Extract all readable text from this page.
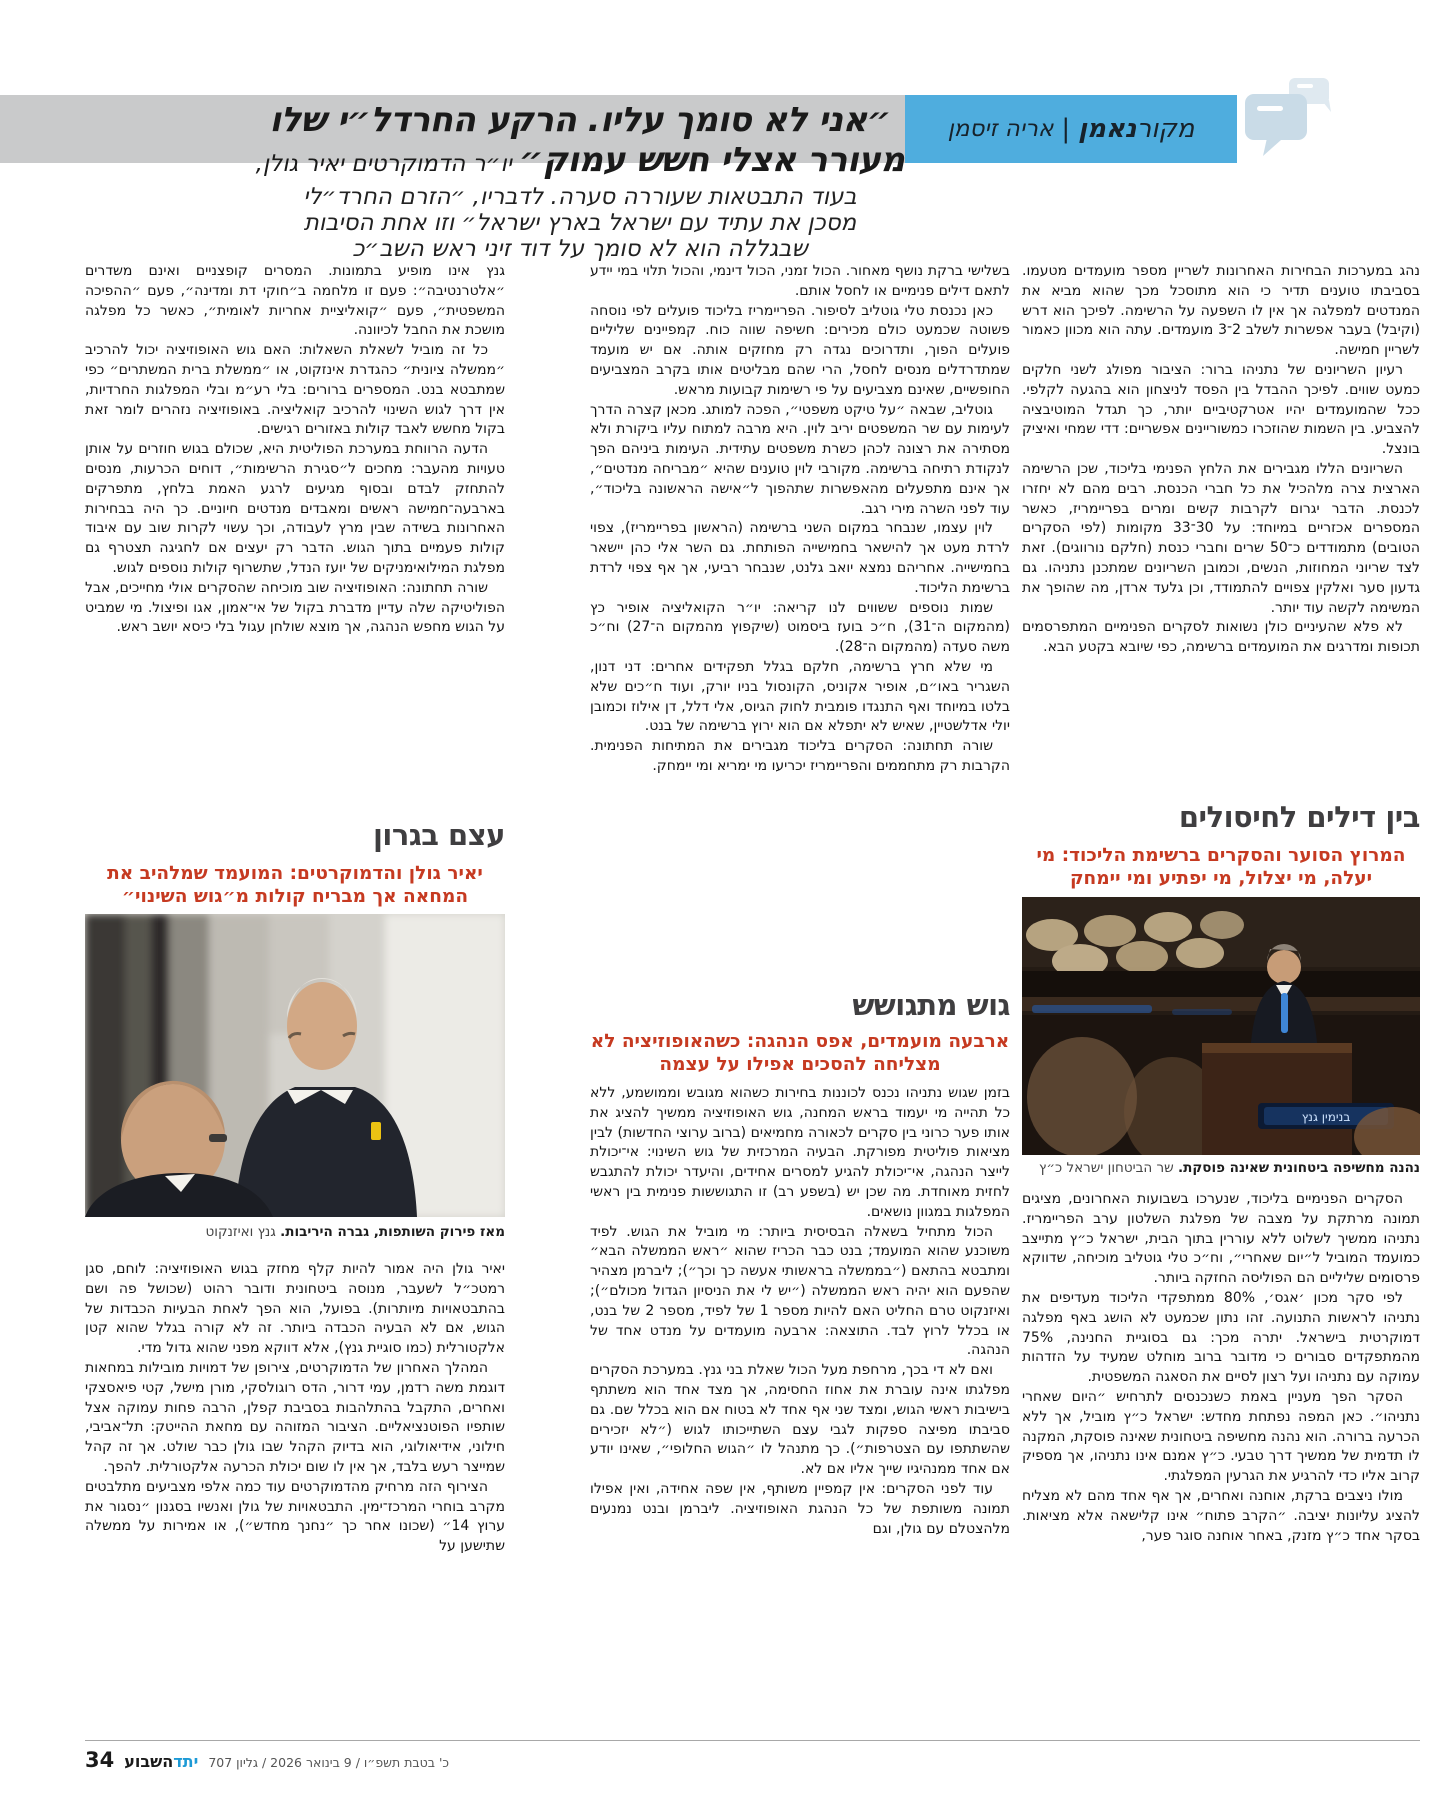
מקורנאמן
|
אריה זיסמן
״אני לא סומך עליו. הרקע החרדל״י שלו
מעורר אצלי חשש עמוק״ יו״ר הדמוקרטים יאיר גולן,
בעוד התבטאות שעוררה סערה. לדבריו, ״הזרם החרד״לי
מסכן את עתיד עם ישראל בארץ ישראל״ וזו אחת הסיבות
שבגללה הוא לא סומך על דוד זיני ראש השב״כ

נהג במערכות הבחירות האחרונות לשריין מספר מועמדים מטעמו. בסביבתו טוענים תדיר כי הוא מתוסכל מכך שהוא מביא את המנדטים למפלגה אך אין לו השפעה על הרשימה. לפיכך הוא דרש (וקיבל) בעבר אפשרות לשלב 2־3 מועמדים. עתה הוא מכוון כאמור לשריין חמישה.

רעיון השריונים של נתניהו ברור: הציבור מפולג לשני חלקים כמעט שווים. לפיכך ההבדל בין הפסד לניצחון הוא בהגעה לקלפי. ככל שהמועמדים יהיו אטרקטיביים יותר, כך תגדל המוטיבציה להצביע. בין השמות שהוזכרו כמשוריינים אפשריים: דדי שמחי ואיציק בונצל.

השריונים הללו מגבירים את הלחץ הפנימי בליכוד, שכן הרשימה הארצית צרה מלהכיל את כל חברי הכנסת. רבים מהם לא יחזרו לכנסת. הדבר יגרום לקרבות קשים ומרים בפריימריז, כאשר המספרים אכזריים במיוחד: על 30־33 מקומות (לפי הסקרים הטובים) מתמודדים כ־50 שרים וחברי כנסת (חלקם נורווגים). זאת לצד שריוני המחוזות, הנשים, וכמובן השריונים שמתכנן נתניהו. גם גדעון סער ואלקין צפויים להתמודד, וכן גלעד ארדן, מה שהופך את המשימה לקשה עוד יותר.

לא פלא שהעיניים כולן נשואות לסקרים הפנימיים המתפרסמים תכופות ומדרגים את המועמדים ברשימה, כפי שיובא בקטע הבא.

בין דילים לחיסולים
המרוץ הסוער והסקרים ברשימת הליכוד: מי יעלה, מי יצלול, מי יפתיע ומי יימחק
בנימין גנץ
נהנה מחשיפה ביטחונית שאינה פוסקת. שר הביטחון ישראל כ״ץ

הסקרים הפנימיים בליכוד, שנערכו בשבועות האחרונים, מציגים תמונה מרתקת על מצבה של מפלגת השלטון ערב הפריימריז. נתניהו ממשיך לשלוט ללא עוררין בתוך הבית, ישראל כ״ץ מתייצב כמועמד המוביל ל״יום שאחרי״, וח״כ טלי גוטליב מוכיחה, שדווקא פרסומים שליליים הם הפוליסה החזקה ביותר.

לפי סקר מכון ׳אגס׳, 80% ממתפקדי הליכוד מעדיפים את נתניהו לראשות התנועה. זהו נתון שכמעט לא הושג באף מפלגה דמוקרטית בישראל. יתרה מכך: גם בסוגיית החנינה, 75% מהמתפקדים סבורים כי מדובר ברוב מוחלט שמעיד על הזדהות עמוקה עם נתניהו ועל רצון לסיים את הסאגה המשפטית.

הסקר הפך מעניין באמת כשנכנסים לתרחיש ״היום שאחרי נתניהו״. כאן המפה נפתחת מחדש: ישראל כ״ץ מוביל, אך ללא הכרעה ברורה. הוא נהנה מחשיפה ביטחונית שאינה פוסקת, המקנה לו תדמית של ממשיך דרך טבעי. כ״ץ אמנם אינו נתניהו, אך מספיק קרוב אליו כדי להרגיע את הגרעין המפלגתי.

מולו ניצבים ברקת, אוחנה ואחרים, אך אף אחד מהם לא מצליח להציג עליונות יציבה. ״הקרב פתוח״ אינו קלישאה אלא מציאות. בסקר אחד כ״ץ מזנק, באחר אוחנה סוגר פער,

בשלישי ברקת נושף מאחור. הכול זמני, הכול דינמי, והכול תלוי במי יידע לתאם דילים פנימיים או לחסל אותם.

כאן נכנסת טלי גוטליב לסיפור. הפריימריז בליכוד פועלים לפי נוסחה פשוטה שכמעט כולם מכירים: חשיפה שווה כוח. קמפיינים שליליים פועלים הפוך, ותדרוכים נגדה רק מחזקים אותה. אם יש מועמד שמתדרדלים מנסים לחסל, הרי שהם מבליטים אותו בקרב המצביעים החופשיים, שאינם מצביעים על פי רשימות קבועות מראש.

גוטליב, שבאה ״על טיקט משפטי״, הפכה למותג. מכאן קצרה הדרך לעימות עם שר המשפטים יריב לוין. היא מרבה למתוח עליו ביקורת ולא מסתירה את רצונה לכהן כשרת משפטים עתידית. העימות ביניהם הפך לנקודת רתיחה ברשימה. מקורבי לוין טוענים שהיא ״מבריחה מנדטים״, אך אינם מתפעלים מהאפשרות שתהפוך ל״אישה הראשונה בליכוד״, עוד לפני השרה מירי רגב.

לוין עצמו, שנבחר במקום השני ברשימה (הראשון בפריימריז), צפוי לרדת מעט אך להישאר בחמישייה הפותחת. גם השר אלי כהן יישאר בחמישייה. אחריהם נמצא יואב גלנט, שנבחר רביעי, אך אף צפוי לרדת ברשימת הליכוד.

שמות נוספים ששווים לנו קריאה: יו״ר הקואליציה אופיר כץ (מהמקום ה־31), ח״כ בועז ביסמוט (שיקפוץ מהמקום ה־27) וח״כ משה סעדה (מהמקום ה־28).

מי שלא חרץ ברשימה, חלקם בגלל תפקידים אחרים: דני דנון, השגריר באו״ם, אופיר אקוניס, הקונסול בניו יורק, ועוד ח״כים שלא בלטו במיוחד ואף התנגדו פומבית לחוק הגיוס, אלי דלל, דן אילוז וכמובן יולי אדלשטיין, שאיש לא יתפלא אם הוא ירוץ ברשימה של בנט.

שורה תחתונה: הסקרים בליכוד מגבירים את המתיחות הפנימית. הקרבות רק מתחממים והפריימריז יכריעו מי ימריא ומי יימחק.

גוש מתגושש
ארבעה מועמדים, אפס הנהגה: כשהאופוזיציה לא מצליחה להסכים אפילו על עצמה

בזמן שגוש נתניהו נכנס לכוננות בחירות כשהוא מגובש וממושמע, ללא כל תהייה מי יעמוד בראש המחנה, גוש האופוזיציה ממשיך להציג את אותו פער כרוני בין סקרים לכאורה מחמיאים (ברוב ערוצי החדשות) לבין מציאות פוליטית מפורקת. הבעיה המרכזית של גוש השינוי: אי־יכולת לייצר הנהגה, אי־יכולת להגיע למסרים אחידים, והיעדר יכולת להתגבש לחזית מאוחדת. מה שכן יש (בשפע רב) זו התגוששות פנימית בין ראשי המפלגות במגוון נושאים.

הכול מתחיל בשאלה הבסיסית ביותר: מי מוביל את הגוש. לפיד משוכנע שהוא המועמד; בנט כבר הכריז שהוא ״ראש הממשלה הבא״ ומתבטא בהתאם (״בממשלה בראשותי אעשה כך וכך״); ליברמן מצהיר שהפעם הוא יהיה ראש הממשלה (״יש לי את הניסיון הגדול מכולם״); ואיזנקוט טרם החליט האם להיות מספר 1 של לפיד, מספר 2 של בנט, או בכלל לרוץ לבד. התוצאה: ארבעה מועמדים על מנדט אחד של הנהגה.

ואם לא די בכך, מרחפת מעל הכול שאלת בני גנץ. במערכת הסקרים מפלגתו אינה עוברת את אחוז החסימה, אך מצד אחד הוא משתתף בישיבות ראשי הגוש, ומצד שני אף אחד לא בטוח אם הוא בכלל שם. גם סביבתו מפיצה ספקות לגבי עצם השתייכותו לגוש (״לא יזכירים שהשתתפו עם הצטרפות״). כך מתנהל לו ״הגוש החלופי״, שאינו יודע אם אחד ממנהיגיו שייך אליו אם לא.

עוד לפני הסקרים: אין קמפיין משותף, אין שפה אחידה, ואין אפילו תמונה משותפת של כל הנהגת האופוזיציה. ליברמן ובנט נמנעים מלהצטלם עם גולן, וגם

גנץ אינו מופיע בתמונות. המסרים קופצניים ואינם משדרים ״אלטרנטיבה״: פעם זו מלחמה ב״חוקי דת ומדינה״, פעם ״ההפיכה המשפטית״, פעם ״קואליציית אחריות לאומית״, כאשר כל מפלגה מושכת את החבל לכיוונה.

כל זה מוביל לשאלת השאלות: האם גוש האופוזיציה יכול להרכיב ״ממשלה ציונית״ כהגדרת אינזקוט, או ״ממשלת ברית המשתרים״ כפי שמתבטא בנט. המספרים ברורים: בלי רע״מ ובלי המפלגות החרדיות, אין דרך לגוש השינוי להרכיב קואליציה. באופוזיציה נזהרים לומר זאת בקול מחשש לאבד קולות באזורים רגישים.

הדעה הרווחת במערכת הפוליטית היא, שכולם בגוש חוזרים על אותן טעויות מהעבר: מחכים ל״סגירת הרשימות״, דוחים הכרעות, מנסים להתחזק לבדם ובסוף מגיעים לרגע האמת בלחץ, מתפרקים בארבעה־חמישה ראשים ומאבדים מנדטים חיוניים. כך היה בבחירות האחרונות בשידה שבין מרץ לעבודה, וכך עשוי לקרות שוב עם איבוד קולות פעמיים בתוך הגוש. הדבר רק יעצים אם לחגיגה תצטרף גם מפלגת המילואימניקים של יועז הנדל, שתשרוף קולות נוספים לגוש.

שורה תחתונה: האופוזיציה שוב מוכיחה שהסקרים אולי מחייכים, אבל הפוליטיקה שלה עדיין מדברת בקול של אי־אמון, אגו ופיצול. מי שמביט על הגוש מחפש הנהגה, אך מוצא שולחן עגול בלי כיסא יושב ראש.

עצם בגרון
יאיר גולן והדמוקרטים: המועמד שמלהיב את המחאה אך מבריח קולות מ״גוש השינוי״
מאז פירוק השותפות, גברה היריבות. גנץ ואיזנקוט

יאיר גולן היה אמור להיות קלף מחזק בגוש האופוזיציה: לוחם, סגן רמטכ״ל לשעבר, מנוסה ביטחונית ודובר רהוט (שכושל פה ושם בהתבטאויות מיותרות). בפועל, הוא הפך לאחת הבעיות הכבדות של הגוש, אם לא הבעיה הכבדה ביותר. זה לא קורה בגלל שהוא קטן אלקטורלית (כמו סוגיית גנץ), אלא דווקא מפני שהוא גדול מדי.

המהלך האחרון של הדמוקרטים, צירופן של דמויות מובילות במחאות דוגמת משה רדמן, עמי דרור, הדס רוגולסקי, מורן מישל, קטי פיאסצקי ואחרים, התקבל בהתלהבות בסביבת קפלן, הרבה פחות עמוקה אצל שותפיו הפוטנציאליים. הציבור המזוהה עם מחאת ההייטק: תל־אביבי, חילוני, אידיאולוגי, הוא בדיוק הקהל שבו גולן כבר שולט. אך זה קהל שמייצר רעש בלבד, אך אין לו שום יכולת הכרעה אלקטורלית. להפך.

הצירוף הזה מרחיק מהדמוקרטים עוד כמה אלפי מצביעים מתלבטים מקרב בוחרי המרכז־ימין. התבטאויות של גולן ואנשיו בסגנון ״נסגור את ערוץ 14״ (שכונו אחר כך ״נחנך מחדש״), או אמירות על ממשלה שתישען על

34	יתדהשבוע	כ' בטבת תשפ״ו / 9 בינואר 2026 / גליון 707
